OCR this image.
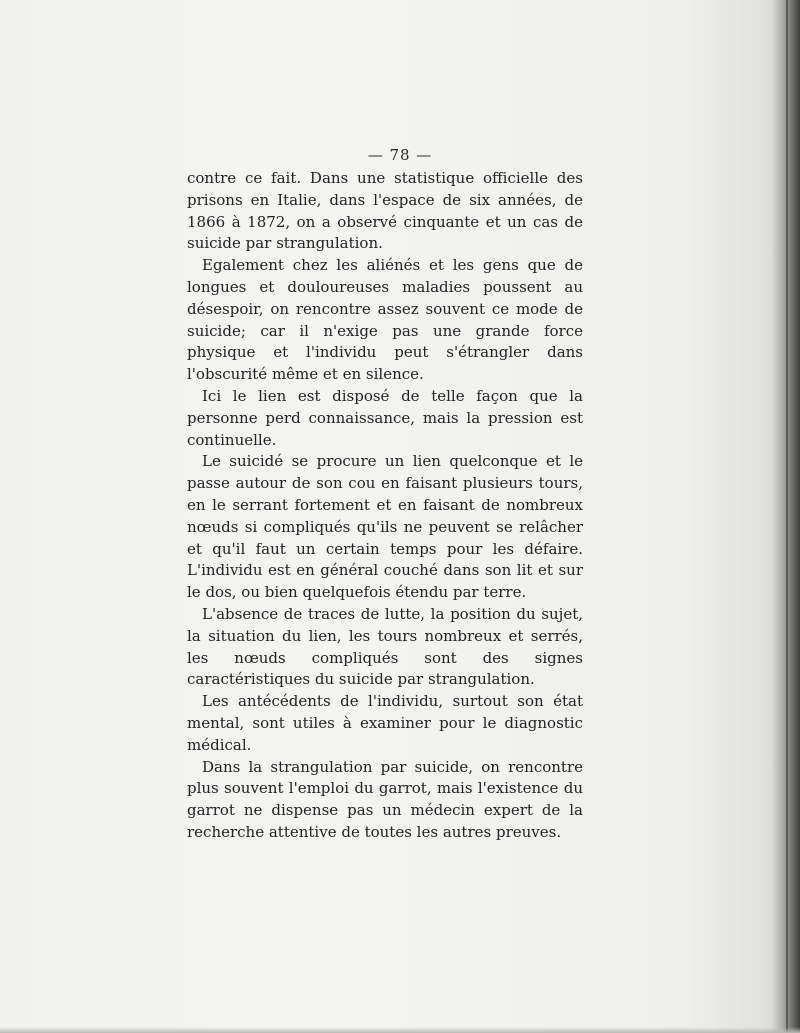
— 78 —

contre ce fait. Dans une statistique officielle des prisons en Italie, dans l'espace de six années, de 1866 à 1872, on a observé cinquante et un cas de suicide par strangulation.

Egalement chez les aliénés et les gens que de longues et douloureuses maladies poussent au désespoir, on rencontre assez souvent ce mode de suicide; car il n'exige pas une grande force physique et l'individu peut s'étrangler dans l'obscurité même et en silence.

Ici le lien est disposé de telle façon que la personne perd connaissance, mais la pression est continuelle.

Le suicidé se procure un lien quelconque et le passe autour de son cou en faisant plusieurs tours, en le serrant fortement et en faisant de nombreux nœuds si compliqués qu'ils ne peuvent se relâcher et qu'il faut un certain temps pour les défaire. L'individu est en général couché dans son lit et sur le dos, ou bien quelquefois étendu par terre.

L'absence de traces de lutte, la position du sujet, la situation du lien, les tours nombreux et serrés, les nœuds compliqués sont des signes caractéristiques du suicide par strangulation.

Les antécédents de l'individu, surtout son état mental, sont utiles à examiner pour le diagnostic médical.

Dans la strangulation par suicide, on rencontre plus souvent l'emploi du garrot, mais l'existence du garrot ne dispense pas un médecin expert de la recherche attentive de toutes les autres preuves.
